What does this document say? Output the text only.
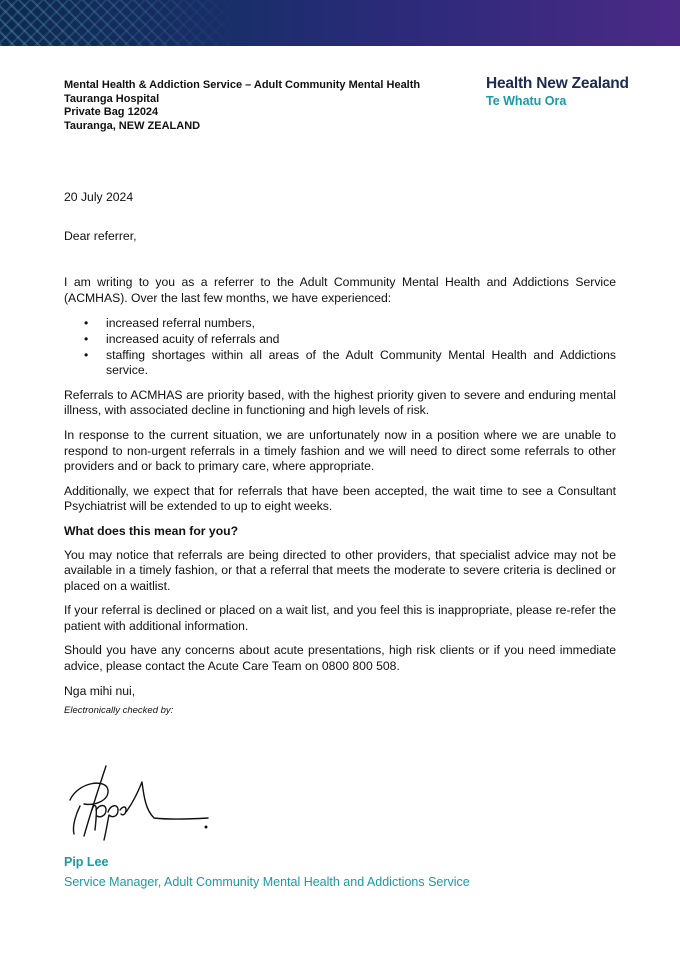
Mental Health & Addiction Service – Adult Community Mental Health
Tauranga Hospital
Private Bag 12024
Tauranga, NEW ZEALAND
Health New Zealand
Te Whatu Ora

20 July 2024

Dear referrer,

I am writing to you as a referrer to the Adult Community Mental Health and Addictions Service (ACMHAS). Over the last few months, we have experienced:

• increased referral numbers,
• increased acuity of referrals and
• staffing shortages within all areas of the Adult Community Mental Health and Addictions service.

Referrals to ACMHAS are priority based, with the highest priority given to severe and enduring mental illness, with associated decline in functioning and high levels of risk.

In response to the current situation, we are unfortunately now in a position where we are unable to respond to non-urgent referrals in a timely fashion and we will need to direct some referrals to other providers and or back to primary care, where appropriate.

Additionally, we expect that for referrals that have been accepted, the wait time to see a Consultant Psychiatrist will be extended to up to eight weeks.

What does this mean for you?

You may notice that referrals are being directed to other providers, that specialist advice may not be available in a timely fashion, or that a referral that meets the moderate to severe criteria is declined or placed on a waitlist.

If your referral is declined or placed on a wait list, and you feel this is inappropriate, please re-refer the patient with additional information.

Should you have any concerns about acute presentations, high risk clients or if you need immediate advice, please contact the Acute Care Team on 0800 800 508.

Nga mihi nui,

Electronically checked by:

Pip Lee
Service Manager, Adult Community Mental Health and Addictions Service
